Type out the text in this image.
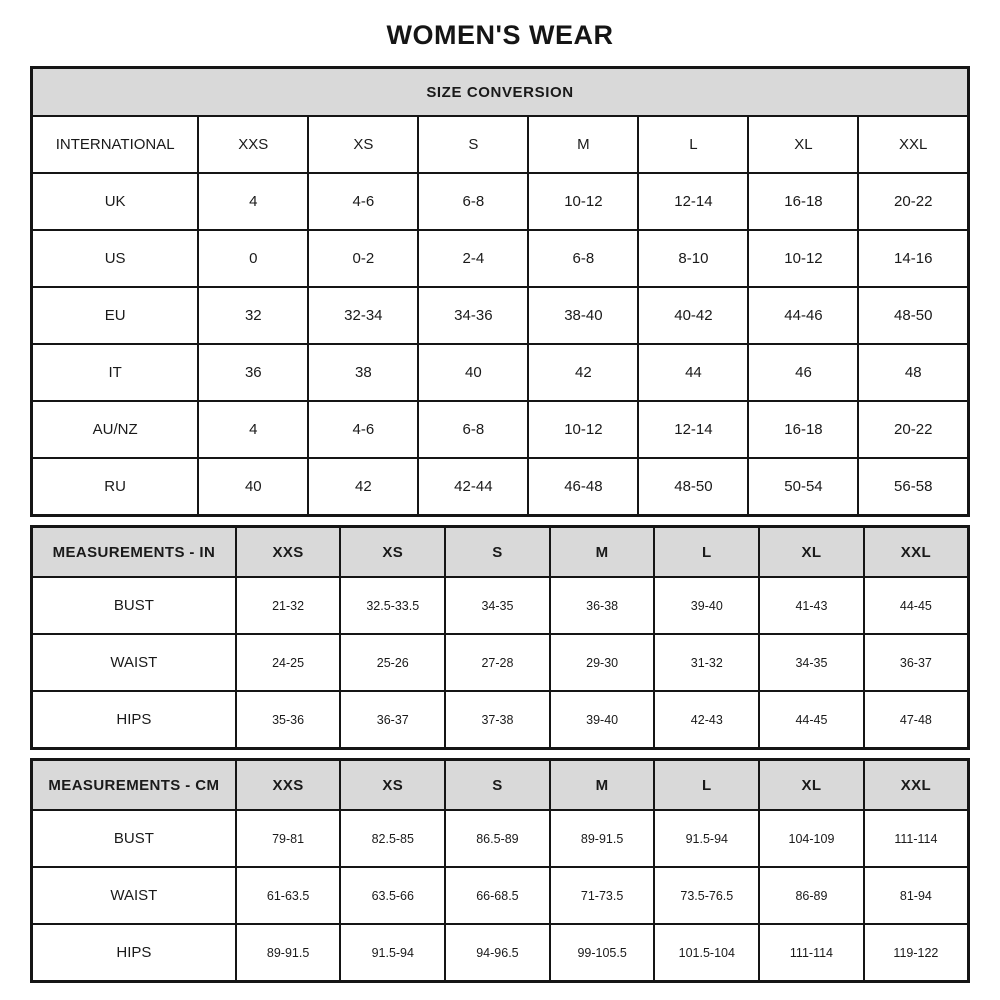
WOMEN'S WEAR
SIZE CONVERSION							
INTERNATIONAL	XXS	XS	S	M	L	XL	XXL
UK	4	4-6	6-8	10-12	12-14	16-18	20-22
US	0	0-2	2-4	6-8	8-10	10-12	14-16
EU	32	32-34	34-36	38-40	40-42	44-46	48-50
IT	36	38	40	42	44	46	48
AU/NZ	4	4-6	6-8	10-12	12-14	16-18	20-22
RU	40	42	42-44	46-48	48-50	50-54	56-58
MEASUREMENTS - IN	XXS	XS	S	M	L	XL	XXL
BUST	21-32	32.5-33.5	34-35	36-38	39-40	41-43	44-45
WAIST	24-25	25-26	27-28	29-30	31-32	34-35	36-37
HIPS	35-36	36-37	37-38	39-40	42-43	44-45	47-48
MEASUREMENTS - CM	XXS	XS	S	M	L	XL	XXL
BUST	79-81	82.5-85	86.5-89	89-91.5	91.5-94	104-109	111-114
WAIST	61-63.5	63.5-66	66-68.5	71-73.5	73.5-76.5	86-89	81-94
HIPS	89-91.5	91.5-94	94-96.5	99-105.5	101.5-104	111-114	119-122
